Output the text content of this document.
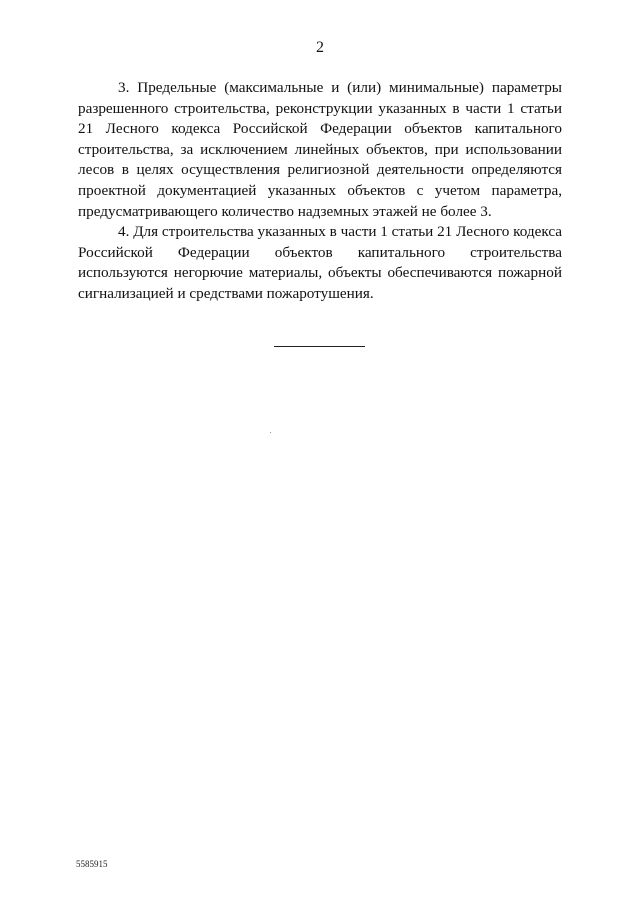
2

3. Предельные (максимальные и (или) минимальные) параметры разрешенного строительства, реконструкции указанных в части 1 статьи 21 Лесного кодекса Российской Федерации объектов капитального строительства, за исключением линейных объектов, при использовании лесов в целях осуществления религиозной деятельности определяются проектной документацией указанных объектов с учетом параметра, предусматривающего количество надземных этажей не более 3.

4. Для строительства указанных в части 1 статьи 21 Лесного кодекса Российской Федерации объектов капитального строительства используются негорючие материалы, объекты обеспечиваются пожарной сигнализацией и средствами пожаротушения.

5585915
